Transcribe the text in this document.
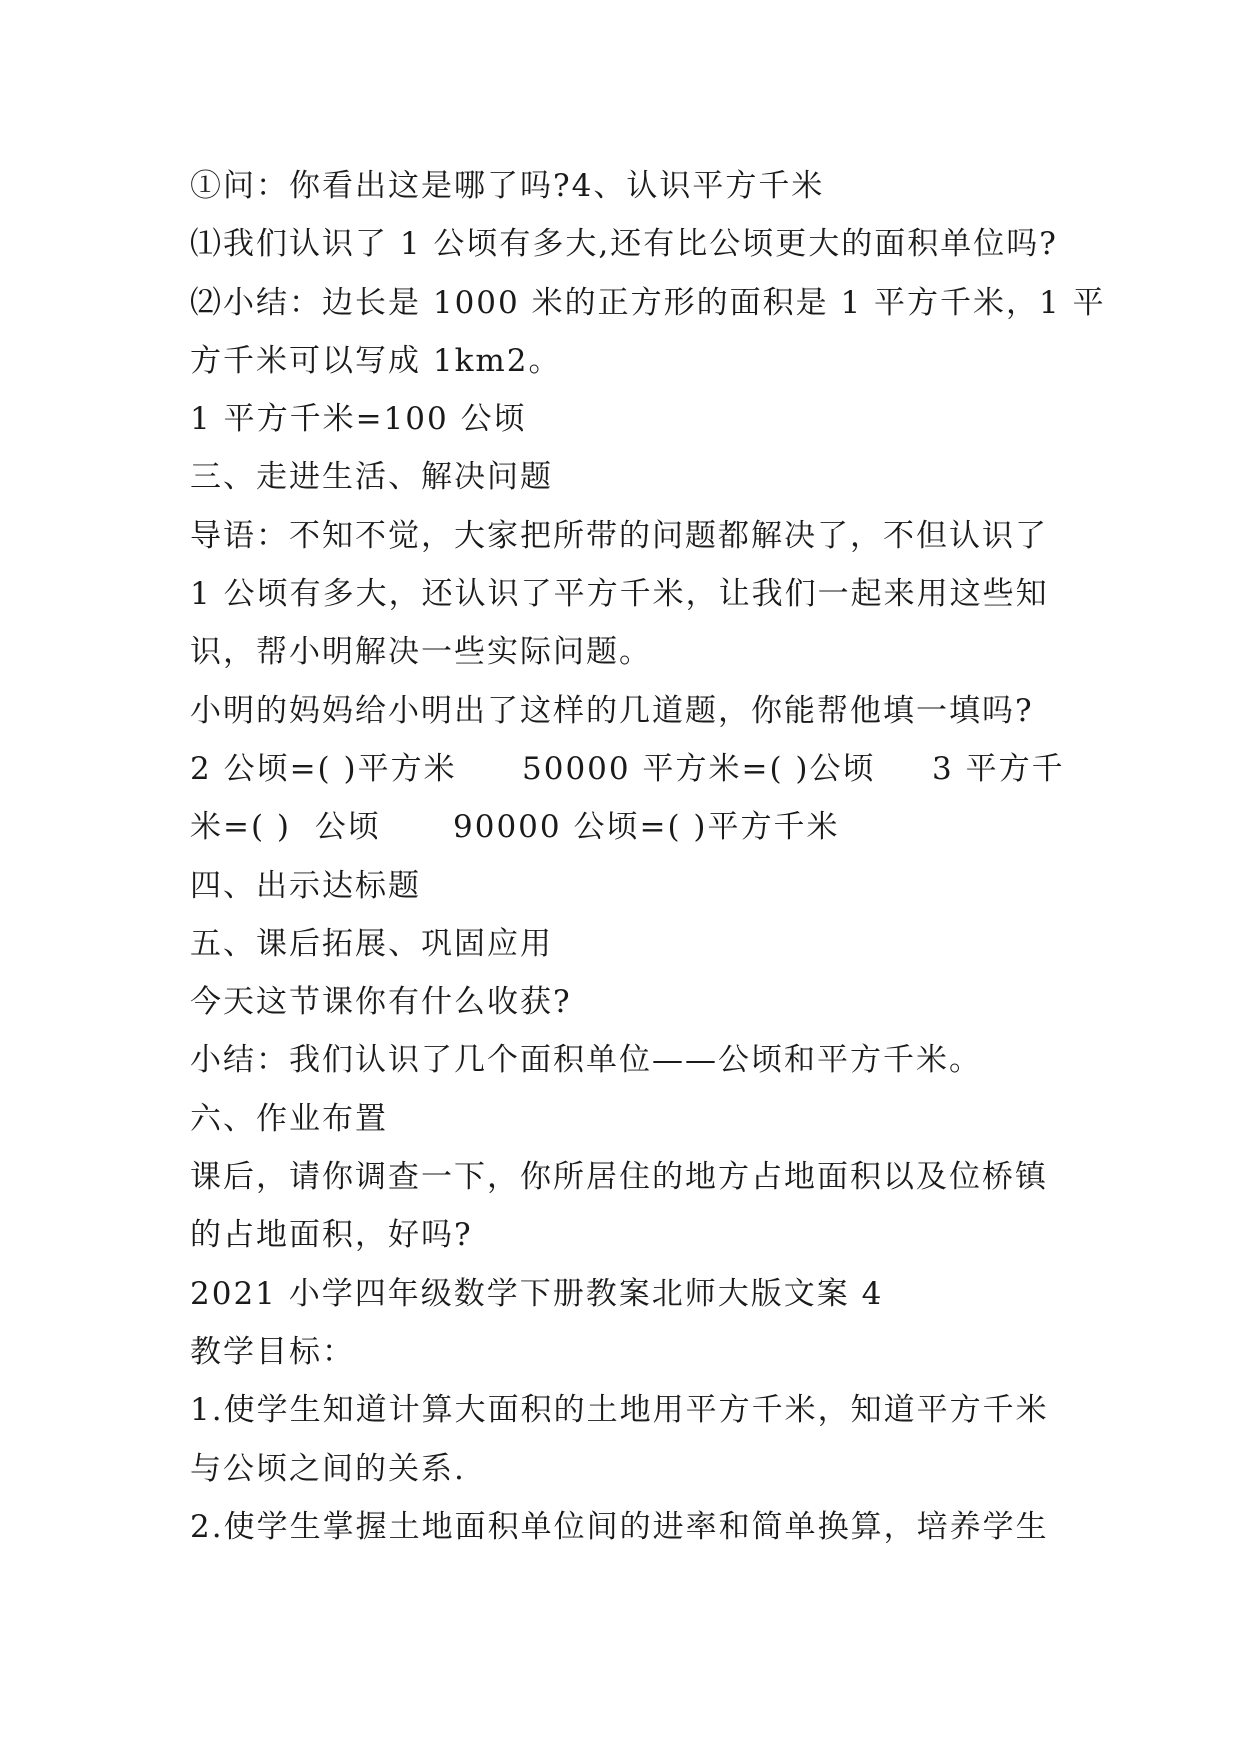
①问：你看出这是哪了吗?4、认识平方千米
⑴我们认识了 1 公顷有多大,还有比公顷更大的面积单位吗?
⑵小结：边长是 1000 米的正方形的面积是 1 平方千米，1 平
方千米可以写成 1km2。
1 平方千米=100 公顷
三、走进生活、解决问题
导语：不知不觉，大家把所带的问题都解决了，不但认识了
1 公顷有多大，还认识了平方千米，让我们一起来用这些知
识，帮小明解决一些实际问题。
小明的妈妈给小明出了这样的几道题，你能帮他填一填吗?
2 公顷=( )平方米 50000 平方米=( )公顷 3 平方千
米=( )  公顷 90000 公顷=( )平方千米
四、出示达标题
五、课后拓展、巩固应用
今天这节课你有什么收获?
小结：我们认识了几个面积单位——公顷和平方千米。
六、作业布置
课后，请你调查一下，你所居住的地方占地面积以及位桥镇
的占地面积，好吗?
2021 小学四年级数学下册教案北师大版文案 4
教学目标：
1.使学生知道计算大面积的土地用平方千米，知道平方千米
与公顷之间的关系.
2.使学生掌握土地面积单位间的进率和简单换算，培养学生
